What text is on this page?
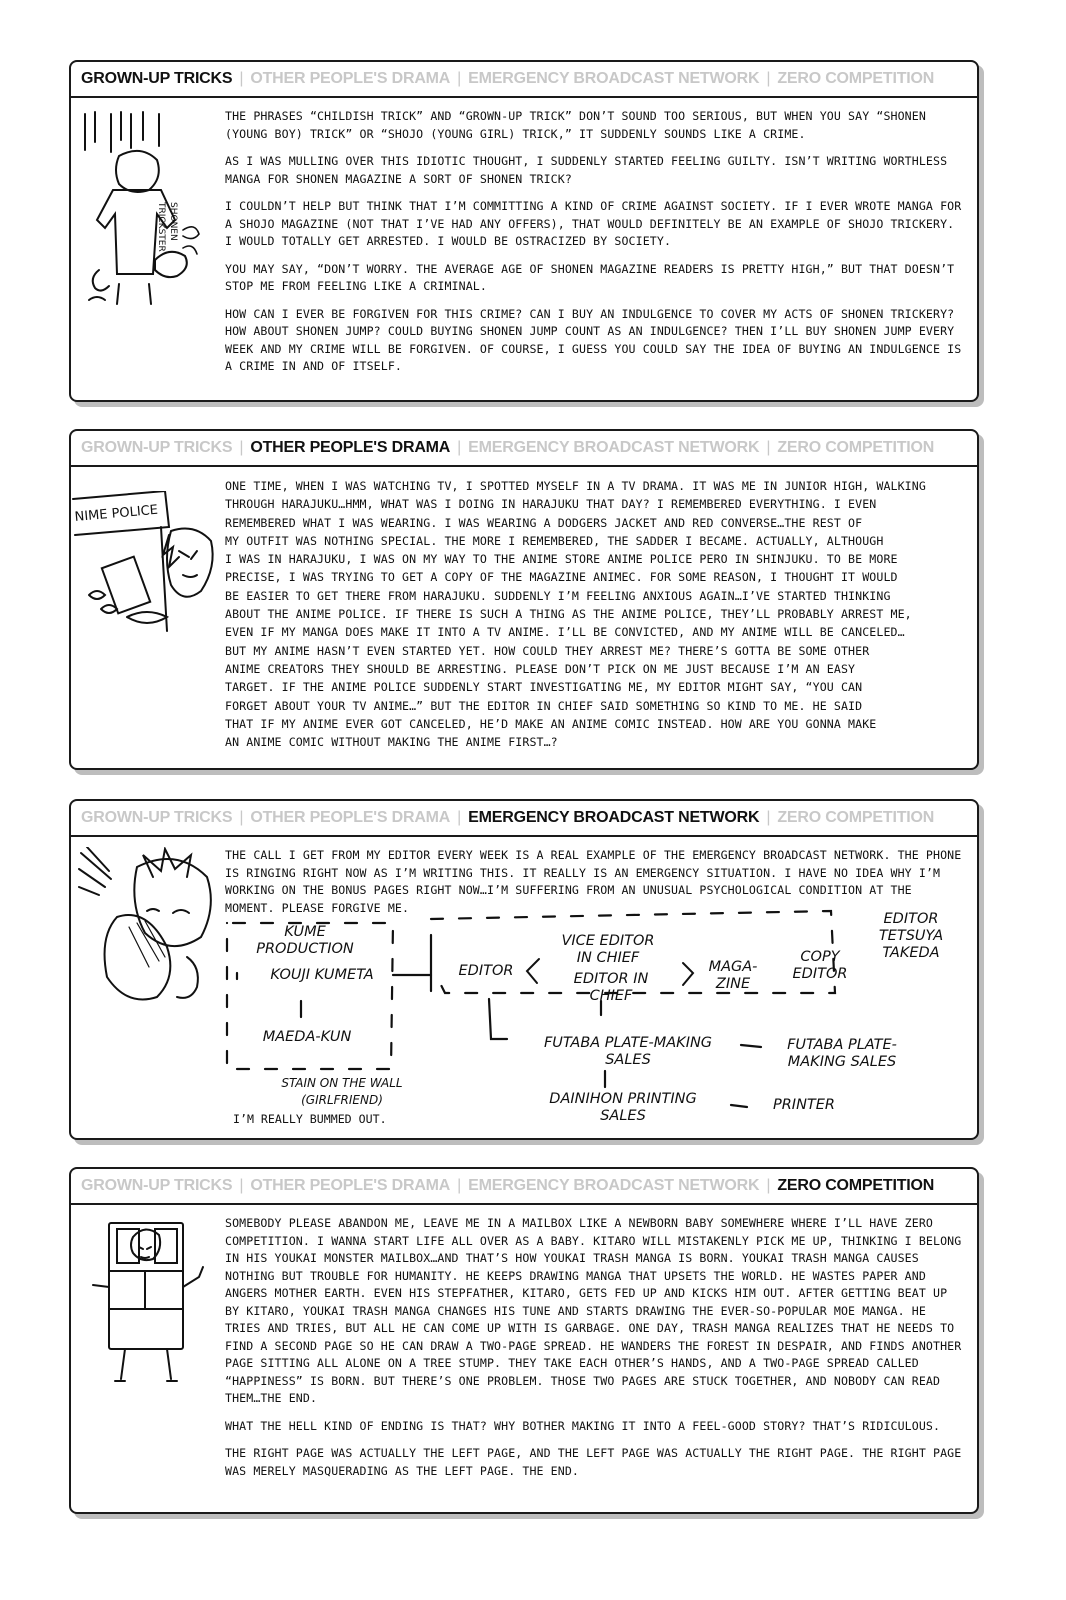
GROWN-UP TRICKS | OTHER PEOPLE'S DRAMA | EMERGENCY BROADCAST NETWORK | ZERO COMPETITION
SHONEN
TRICKSTER

THE PHRASES “CHILDISH TRICK” AND “GROWN-UP TRICK” DON’T SOUND TOO SERIOUS, BUT WHEN YOU SAY “SHONEN (YOUNG BOY) TRICK” OR “SHOJO (YOUNG GIRL) TRICK,” IT SUDDENLY SOUNDS LIKE A CRIME.

AS I WAS MULLING OVER THIS IDIOTIC THOUGHT, I SUDDENLY STARTED FEELING GUILTY. ISN’T WRITING WORTHLESS MANGA FOR SHONEN MAGAZINE A SORT OF SHONEN TRICK?

I COULDN’T HELP BUT THINK THAT I’M COMMITTING A KIND OF CRIME AGAINST SOCIETY. IF I EVER WROTE MANGA FOR A SHOJO MAGAZINE (NOT THAT I’VE HAD ANY OFFERS), THAT WOULD DEFINITELY BE AN EXAMPLE OF SHOJO TRICKERY. I WOULD TOTALLY GET ARRESTED. I WOULD BE OSTRACIZED BY SOCIETY.

YOU MAY SAY, “DON’T WORRY. THE AVERAGE AGE OF SHONEN MAGAZINE READERS IS PRETTY HIGH,” BUT THAT DOESN’T STOP ME FROM FEELING LIKE A CRIMINAL.

HOW CAN I EVER BE FORGIVEN FOR THIS CRIME? CAN I BUY AN INDULGENCE TO COVER MY ACTS OF SHONEN TRICKERY? HOW ABOUT SHONEN JUMP? COULD BUYING SHONEN JUMP COUNT AS AN INDULGENCE? THEN I’LL BUY SHONEN JUMP EVERY WEEK AND MY CRIME WILL BE FORGIVEN. OF COURSE, I GUESS YOU COULD SAY THE IDEA OF BUYING AN INDULGENCE IS A CRIME IN AND OF ITSELF.

GROWN-UP TRICKS | OTHER PEOPLE'S DRAMA | EMERGENCY BROADCAST NETWORK | ZERO COMPETITION
NIME POLICE

ONE TIME, WHEN I WAS WATCHING TV, I SPOTTED MYSELF IN A TV DRAMA. IT WAS ME IN JUNIOR HIGH, WALKING

THROUGH HARAJUKU…HMM, WHAT WAS I DOING IN HARAJUKU THAT DAY? I REMEMBERED EVERYTHING. I EVEN

REMEMBERED WHAT I WAS WEARING. I WAS WEARING A DODGERS JACKET AND RED CONVERSE…THE REST OF

MY OUTFIT WAS NOTHING SPECIAL. THE MORE I REMEMBERED, THE SADDER I BECAME. ACTUALLY, ALTHOUGH

I WAS IN HARAJUKU, I WAS ON MY WAY TO THE ANIME STORE ANIME POLICE PERO IN SHINJUKU. TO BE MORE

PRECISE, I WAS TRYING TO GET A COPY OF THE MAGAZINE ANIMEC. FOR SOME REASON, I THOUGHT IT WOULD

BE EASIER TO GET THERE FROM HARAJUKU. SUDDENLY I’M FEELING ANXIOUS AGAIN…I’VE STARTED THINKING

ABOUT THE ANIME POLICE. IF THERE IS SUCH A THING AS THE ANIME POLICE, THEY’LL PROBABLY ARREST ME,

EVEN IF MY MANGA DOES MAKE IT INTO A TV ANIME. I’LL BE CONVICTED, AND MY ANIME WILL BE CANCELED…

BUT MY ANIME HASN’T EVEN STARTED YET. HOW COULD THEY ARREST ME? THERE’S GOTTA BE SOME OTHER

ANIME CREATORS THEY SHOULD BE ARRESTING. PLEASE DON’T PICK ON ME JUST BECAUSE I’M AN EASY

TARGET. IF THE ANIME POLICE SUDDENLY START INVESTIGATING ME, MY EDITOR MIGHT SAY, “YOU CAN

FORGET ABOUT YOUR TV ANIME…” BUT THE EDITOR IN CHIEF SAID SOMETHING SO KIND TO ME. HE SAID

THAT IF MY ANIME EVER GOT CANCELED, HE’D MAKE AN ANIME COMIC INSTEAD. HOW ARE YOU GONNA MAKE

AN ANIME COMIC WITHOUT MAKING THE ANIME FIRST…?

GROWN-UP TRICKS | OTHER PEOPLE'S DRAMA | EMERGENCY BROADCAST NETWORK | ZERO COMPETITION

THE CALL I GET FROM MY EDITOR EVERY WEEK IS A REAL EXAMPLE OF THE EMERGENCY BROADCAST NETWORK. THE PHONE IS RINGING RIGHT NOW AS I’M WRITING THIS. IT REALLY IS AN EMERGENCY SITUATION. I HAVE NO IDEA WHY I’M WORKING ON THE BONUS PAGES RIGHT NOW…I’M SUFFERING FROM AN UNUSUAL PSYCHOLOGICAL CONDITION AT THE MOMENT. PLEASE FORGIVE ME.

KUME PRODUCTION
KOUJI KUMETA
MAEDA-KUN
STAIN ON THE WALL
(GIRLFRIEND)
I’M REALLY BUMMED OUT.
EDITOR
VICE EDITOR IN CHIEF
EDITOR IN CHIEF
MAGA- ZINE
COPY EDITOR
EDITOR TETSUYA TAKEDA
FUTABA PLATE-MAKING SALES
FUTABA PLATE- MAKING SALES
DAINIHON PRINTING SALES
PRINTER
GROWN-UP TRICKS | OTHER PEOPLE'S DRAMA | EMERGENCY BROADCAST NETWORK | ZERO COMPETITION

SOMEBODY PLEASE ABANDON ME, LEAVE ME IN A MAILBOX LIKE A NEWBORN BABY SOMEWHERE WHERE I’LL HAVE ZERO COMPETITION. I WANNA START LIFE ALL OVER AS A BABY. KITARO WILL MISTAKENLY PICK ME UP, THINKING I BELONG IN HIS YOUKAI MONSTER MAILBOX…AND THAT’S HOW YOUKAI TRASH MANGA IS BORN. YOUKAI TRASH MANGA CAUSES NOTHING BUT TROUBLE FOR HUMANITY. HE KEEPS DRAWING MANGA THAT UPSETS THE WORLD. HE WASTES PAPER AND ANGERS MOTHER EARTH. EVEN HIS STEPFATHER, KITARO, GETS FED UP AND KICKS HIM OUT. AFTER GETTING BEAT UP BY KITARO, YOUKAI TRASH MANGA CHANGES HIS TUNE AND STARTS DRAWING THE EVER-SO-POPULAR MOE MANGA. HE TRIES AND TRIES, BUT ALL HE CAN COME UP WITH IS GARBAGE. ONE DAY, TRASH MANGA REALIZES THAT HE NEEDS TO FIND A SECOND PAGE SO HE CAN DRAW A TWO-PAGE SPREAD. HE WANDERS THE FOREST IN DESPAIR, AND FINDS ANOTHER PAGE SITTING ALL ALONE ON A TREE STUMP. THEY TAKE EACH OTHER’S HANDS, AND A TWO-PAGE SPREAD CALLED “HAPPINESS” IS BORN. BUT THERE’S ONE PROBLEM. THOSE TWO PAGES ARE STUCK TOGETHER, AND NOBODY CAN READ THEM…THE END.

WHAT THE HELL KIND OF ENDING IS THAT? WHY BOTHER MAKING IT INTO A FEEL-GOOD STORY? THAT’S RIDICULOUS.

THE RIGHT PAGE WAS ACTUALLY THE LEFT PAGE, AND THE LEFT PAGE WAS ACTUALLY THE RIGHT PAGE. THE RIGHT PAGE WAS MERELY MASQUERADING AS THE LEFT PAGE. THE END.
